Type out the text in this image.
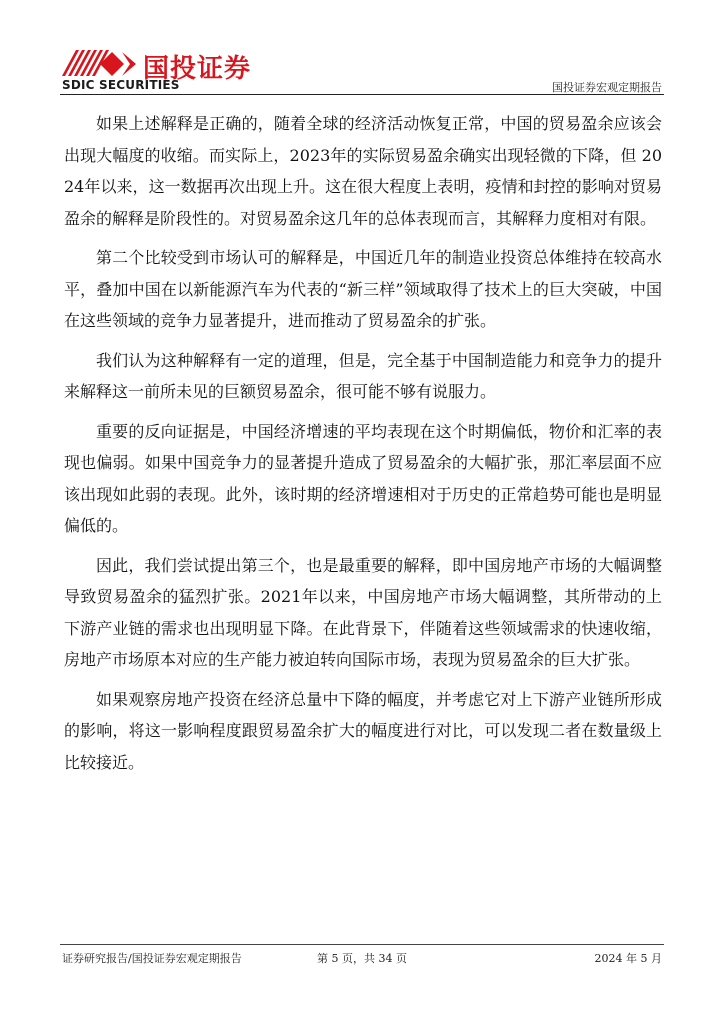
国投证券
SDIC SECURITIES	国投证券宏观定期报告

如果上述解释是正确的，随着全球的经济活动恢复正常，中国的贸易盈余应该会出现大幅度的收缩。而实际上，2023年的实际贸易盈余确实出现轻微的下降，但 2024年以来，这一数据再次出现上升。这在很大程度上表明，疫情和封控的影响对贸易盈余的解释是阶段性的。对贸易盈余这几年的总体表现而言，其解释力度相对有限。

第二个比较受到市场认可的解释是，中国近几年的制造业投资总体维持在较高水平，叠加中国在以新能源汽车为代表的“新三样”领域取得了技术上的巨大突破，中国在这些领域的竞争力显著提升，进而推动了贸易盈余的扩张。

我们认为这种解释有一定的道理，但是，完全基于中国制造能力和竞争力的提升来解释这一前所未见的巨额贸易盈余，很可能不够有说服力。

重要的反向证据是，中国经济增速的平均表现在这个时期偏低，物价和汇率的表现也偏弱。如果中国竞争力的显著提升造成了贸易盈余的大幅扩张，那汇率层面不应该出现如此弱的表现。此外，该时期的经济增速相对于历史的正常趋势可能也是明显偏低的。

因此，我们尝试提出第三个，也是最重要的解释，即中国房地产市场的大幅调整导致贸易盈余的猛烈扩张。2021年以来，中国房地产市场大幅调整，其所带动的上下游产业链的需求也出现明显下降。在此背景下，伴随着这些领域需求的快速收缩，房地产市场原本对应的生产能力被迫转向国际市场，表现为贸易盈余的巨大扩张。

如果观察房地产投资在经济总量中下降的幅度，并考虑它对上下游产业链所形成的影响，将这一影响程度跟贸易盈余扩大的幅度进行对比，可以发现二者在数量级上比较接近。

证券研究报告/国投证券宏观定期报告	第 5 页，共 34 页	2024 年 5 月
